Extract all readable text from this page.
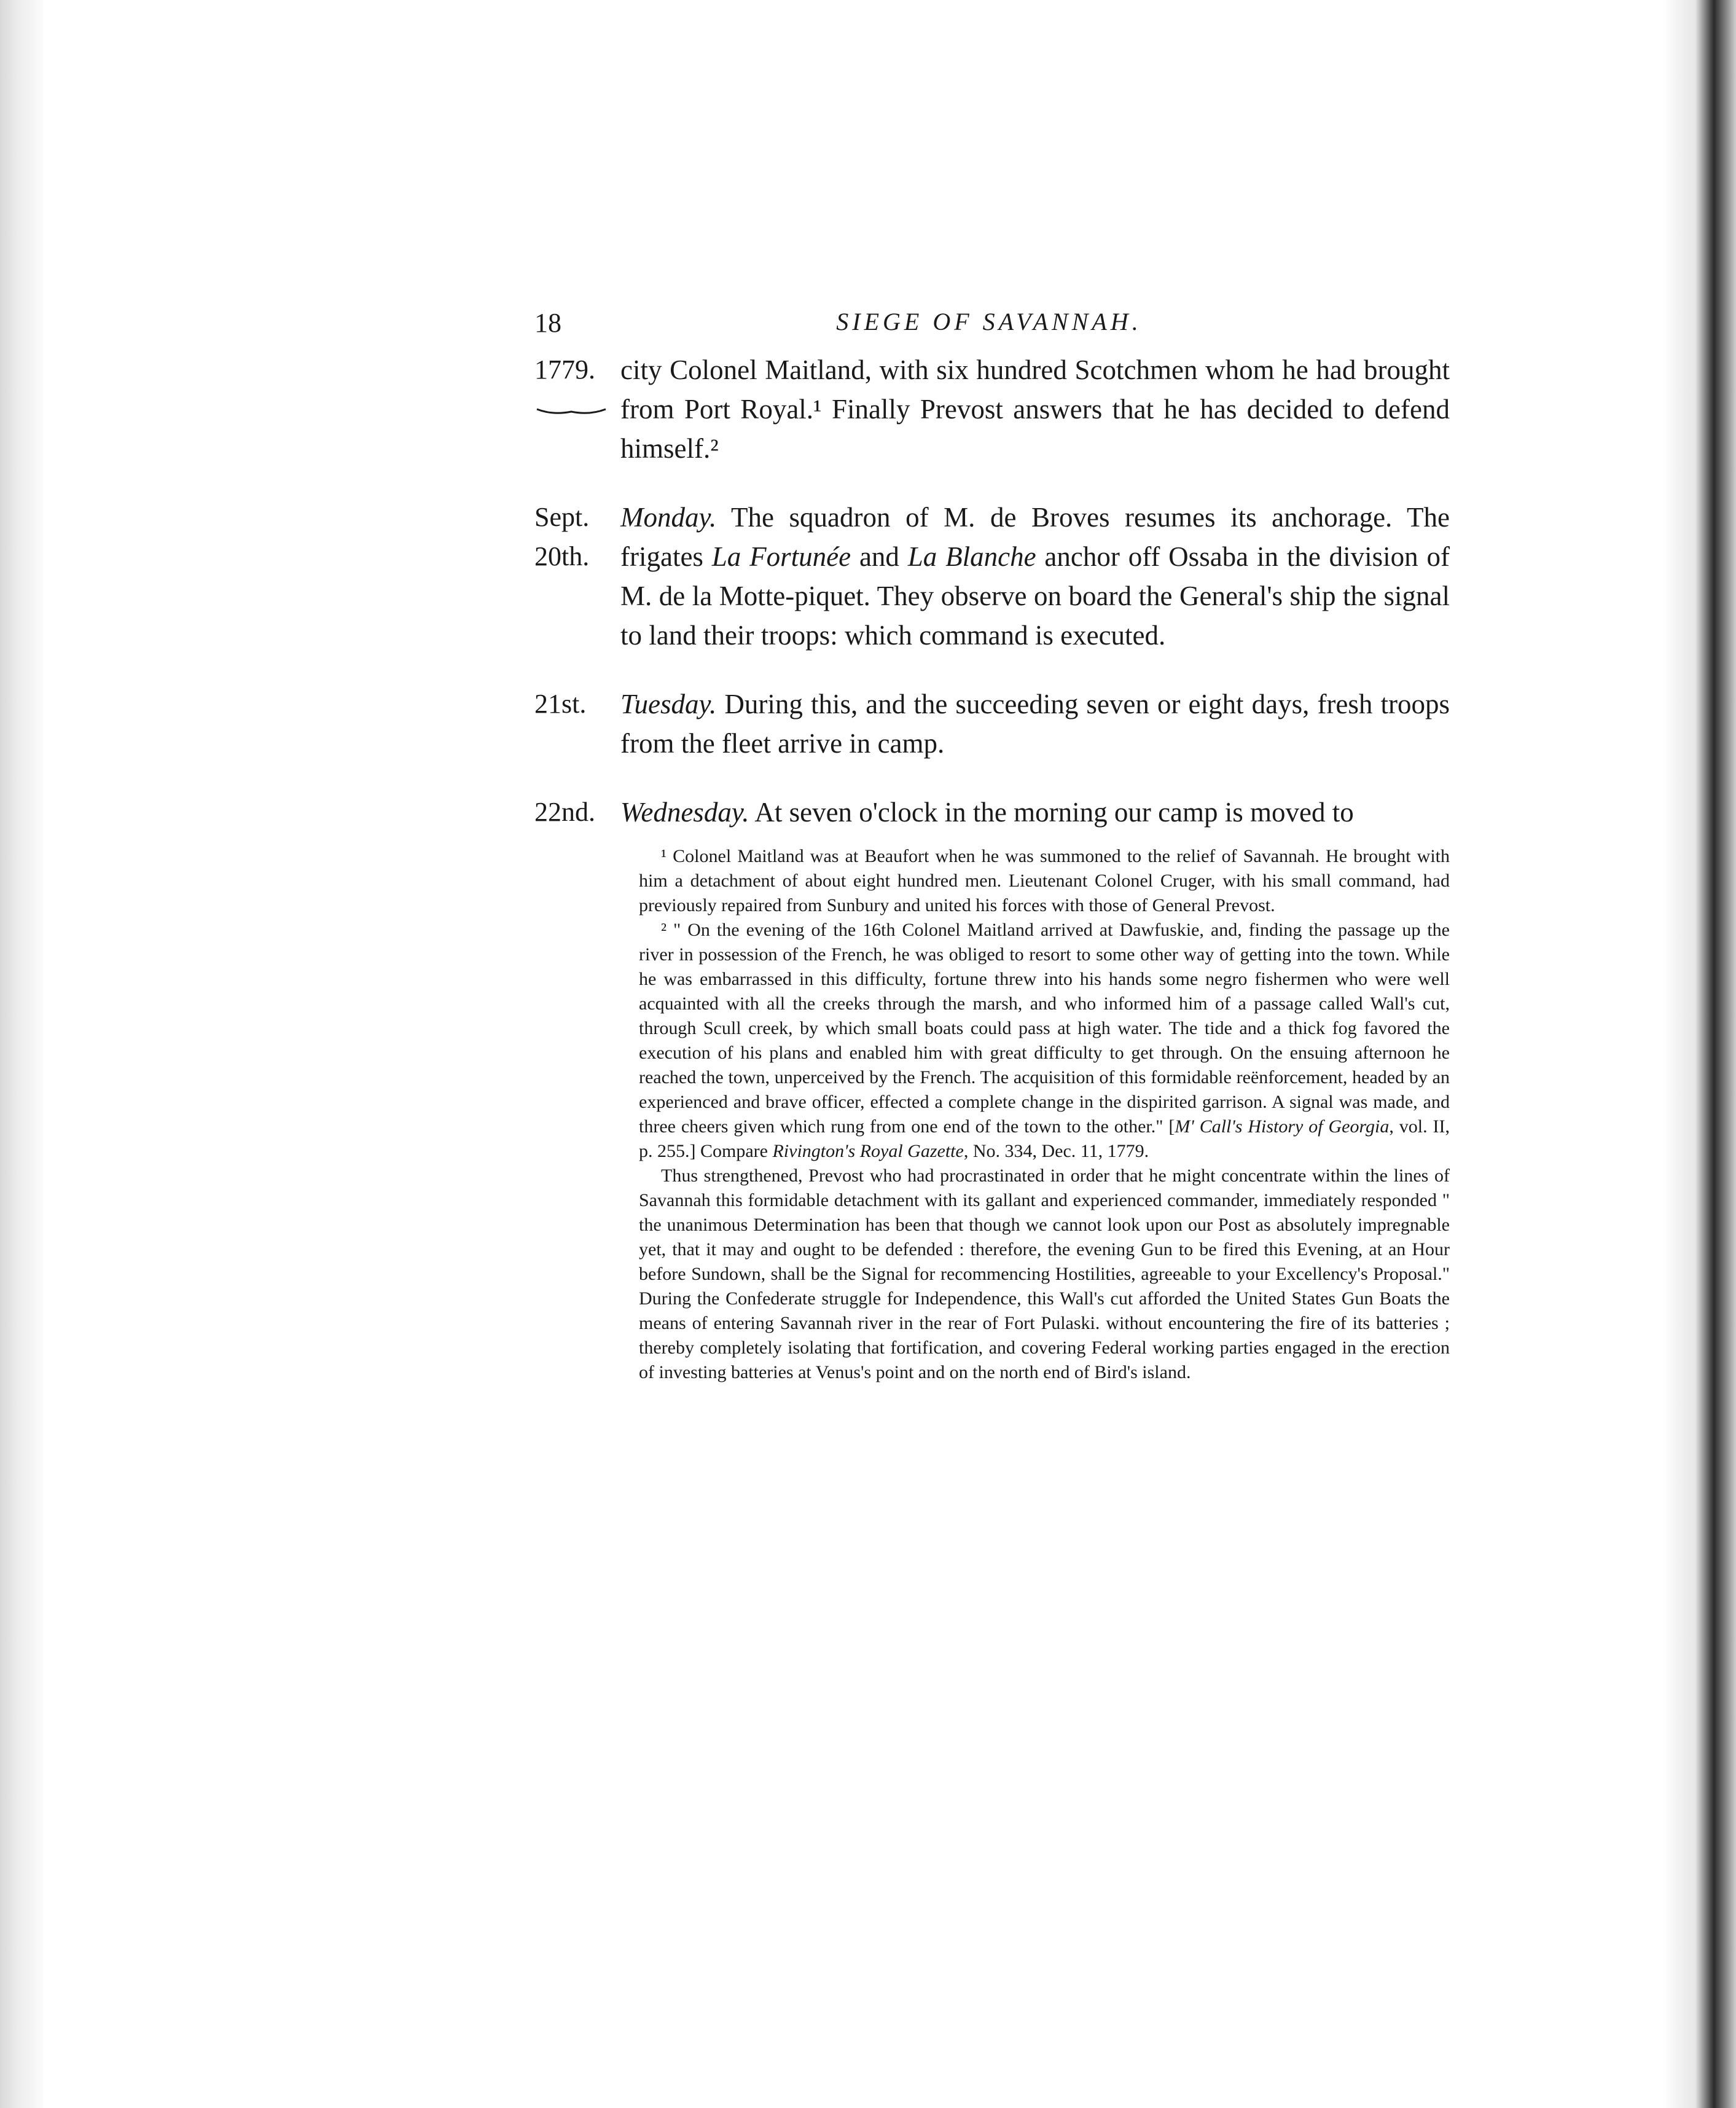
18	SIEGE OF SAVANNAH.
1779. city Colonel Maitland, with six hundred Scotchmen whom he had brought from Port Royal.¹ Finally Prevost answers that he has decided to defend himself.²
Sept. 20th.
Monday. The squadron of M. de Broves resumes its anchorage. The frigates La Fortunée and La Blanche anchor off Ossaba in the division of M. de la Motte-piquet. They observe on board the General's ship the signal to land their troops: which command is executed.
21st.	Tuesday. During this, and the succeeding seven or eight days, fresh troops from the fleet arrive in camp.
22nd. Wednesday. At seven o'clock in the morning our camp is moved to

¹ Colonel Maitland was at Beaufort when he was summoned to the relief of Savannah. He brought with him a detachment of about eight hundred men. Lieutenant Colonel Cruger, with his small command, had previously repaired from Sunbury and united his forces with those of General Prevost.

² " On the evening of the 16th Colonel Maitland arrived at Dawfuskie, and, finding the passage up the river in possession of the French, he was obliged to resort to some other way of getting into the town. While he was embarrassed in this difficulty, fortune threw into his hands some negro fishermen who were well acquainted with all the creeks through the marsh, and who informed him of a passage called Wall's cut, through Scull creek, by which small boats could pass at high water. The tide and a thick fog favored the execution of his plans and enabled him with great difficulty to get through. On the ensuing afternoon he reached the town, unperceived by the French. The acquisition of this formidable reënforcement, headed by an experienced and brave officer, effected a complete change in the dispirited garrison. A signal was made, and three cheers given which rung from one end of the town to the other." [M' Call's History of Georgia, vol. II, p. 255.] Compare Rivington's Royal Gazette, No. 334, Dec. 11, 1779.

Thus strengthened, Prevost who had procrastinated in order that he might concentrate within the lines of Savannah this formidable detachment with its gallant and experienced commander, immediately responded " the unanimous Determination has been that though we cannot look upon our Post as absolutely impregnable yet, that it may and ought to be defended : therefore, the evening Gun to be fired this Evening, at an Hour before Sundown, shall be the Signal for recommencing Hostilities, agreeable to your Excellency's Proposal." During the Confederate struggle for Independence, this Wall's cut afforded the United States Gun Boats the means of entering Savannah river in the rear of Fort Pulaski. without encountering the fire of its batteries ; thereby completely isolating that fortification, and covering Federal working parties engaged in the erection of investing batteries at Venus's point and on the north end of Bird's island.
